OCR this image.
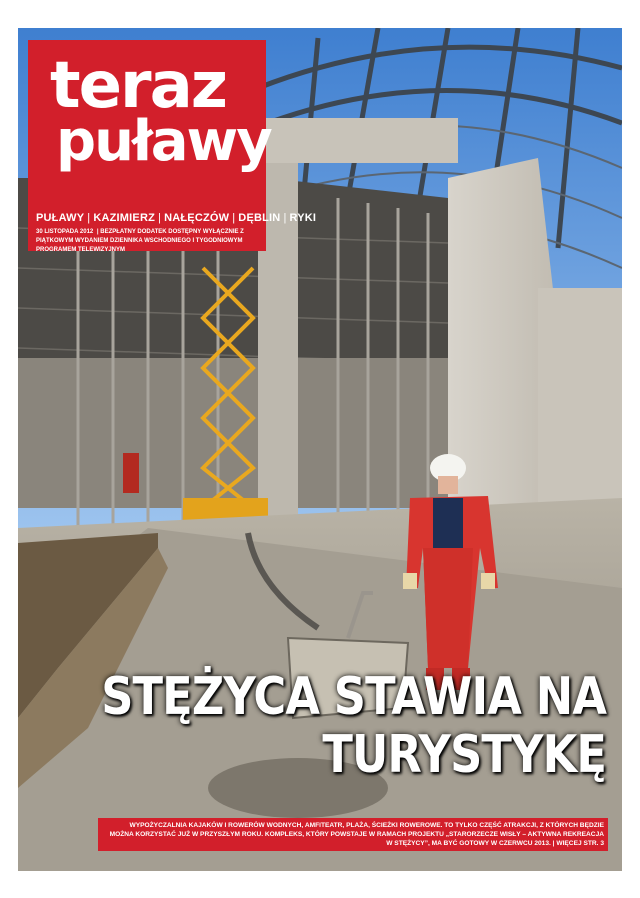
teraz
puławy
PUŁAWY | KAZIMIERZ | NAŁĘCZÓW | DĘBLIN | RYKI
30 LISTOPADA 2012 | BEZPŁATNY DODATEK DOSTĘPNY WYŁĄCZNIE Z PIĄTKOWYM WYDANIEM DZIENNIKA WSCHODNIEGO I TYGODNIOWYM PROGRAMEM TELEWIZYJNYM
STĘŻYCA STAWIA NA
TURYSTYKĘ
WYPOŻYCZALNIA KAJAKÓW I ROWERÓW WODNYCH, AMFITEATR, PLAŻA, ŚCIEŻKI ROWEROWE. TO TYLKO CZĘŚĆ ATRAKCJI, Z KTÓRYCH BĘDZIE MOŻNA KORZYSTAĆ JUŻ W PRZYSZŁYM ROKU. KOMPLEKS, KTÓRY POWSTAJE W RAMACH PROJEKTU „STARORZECZE WISŁY – AKTYWNA REKREACJA W STĘŻYCY”, MA BYĆ GOTOWY W CZERWCU 2013. | WIĘCEJ STR. 3
